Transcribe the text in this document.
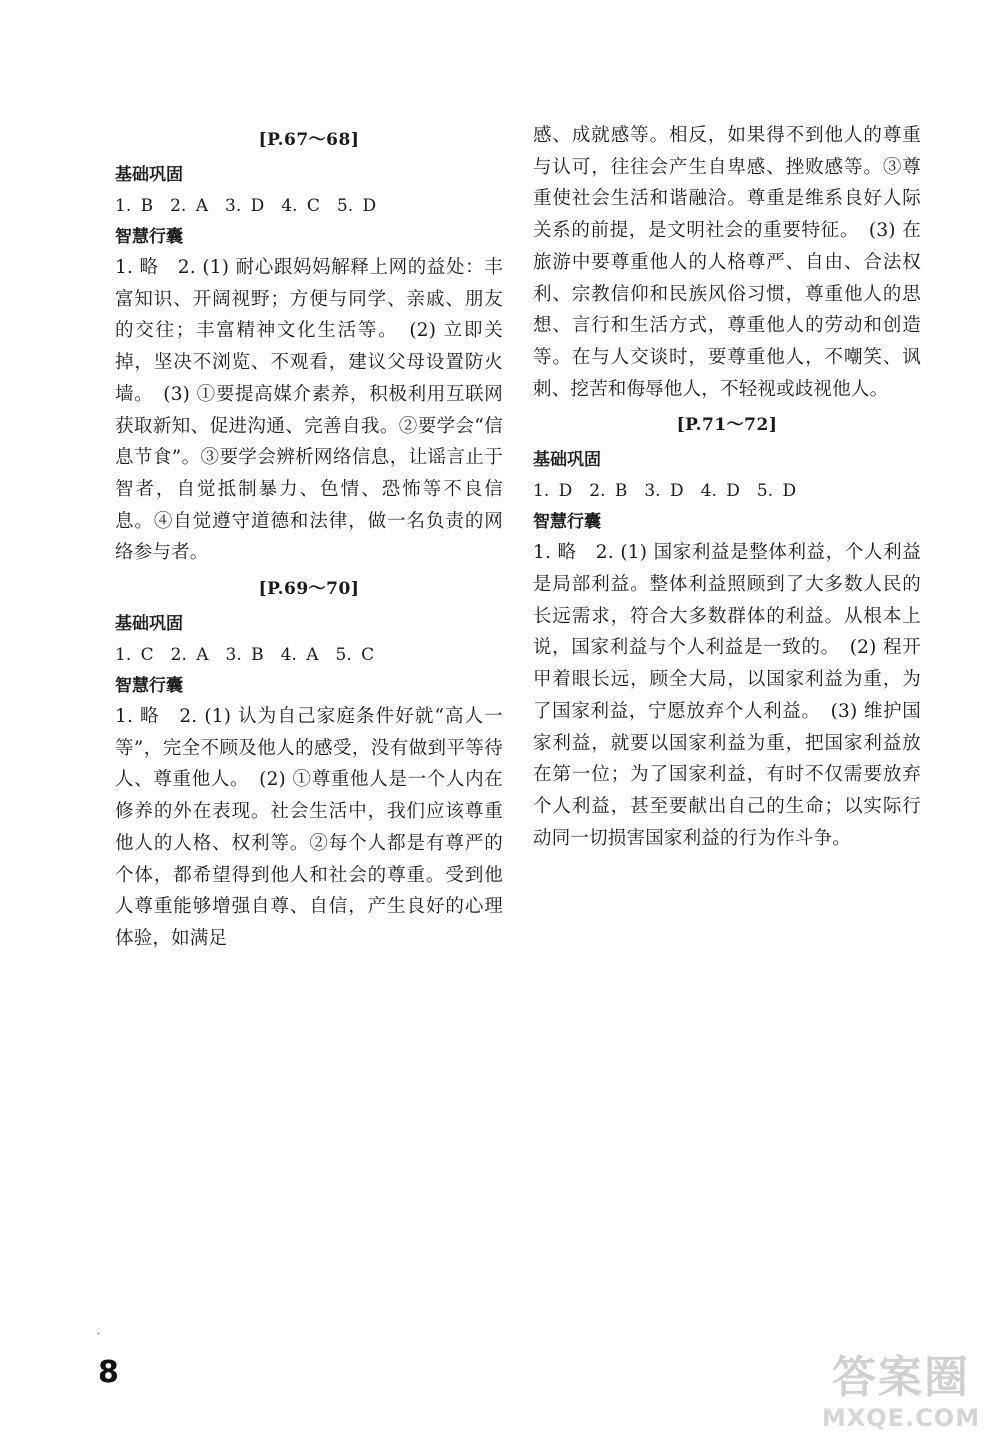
[P.67～68]
基础巩固
1. B　2. A　3. D　4. C　5. D
智慧行囊

1. 略　2. (1) 耐心跟妈妈解释上网的益处：丰富知识、开阔视野；方便与同学、亲戚、朋友的交往；丰富精神文化生活等。　(2) 立即关掉，坚决不浏览、不观看，建议父母设置防火墙。　(3) ①要提高媒介素养，积极利用互联网获取新知、促进沟通、完善自我。②要学会“信息节食”。③要学会辨析网络信息，让谣言止于智者，自觉抵制暴力、色情、恐怖等不良信息。④自觉遵守道德和法律，做一名负责的网络参与者。

[P.69～70]
基础巩固
1. C　2. A　3. B　4. A　5. C
智慧行囊

1. 略　2. (1) 认为自己家庭条件好就“高人一等”，完全不顾及他人的感受，没有做到平等待人、尊重他人。　(2) ①尊重他人是一个人内在修养的外在表现。社会生活中，我们应该尊重他人的人格、权利等。②每个人都是有尊严的个体，都希望得到他人和社会的尊重。受到他人尊重能够增强自尊、自信，产生良好的心理体验，如满足

感、成就感等。相反，如果得不到他人的尊重与认可，往往会产生自卑感、挫败感等。③尊重使社会生活和谐融洽。尊重是维系良好人际关系的前提，是文明社会的重要特征。　(3) 在旅游中要尊重他人的人格尊严、自由、合法权利、宗教信仰和民族风俗习惯，尊重他人的思想、言行和生活方式，尊重他人的劳动和创造等。在与人交谈时，要尊重他人，不嘲笑、讽刺、挖苦和侮辱他人，不轻视或歧视他人。

[P.71～72]
基础巩固
1. D　2. B　3. D　4. D　5. D
智慧行囊

1. 略　2. (1) 国家利益是整体利益，个人利益是局部利益。整体利益照顾到了大多数人民的长远需求，符合大多数群体的利益。从根本上说，国家利益与个人利益是一致的。　(2) 程开甲着眼长远，顾全大局，以国家利益为重，为了国家利益，宁愿放弃个人利益。　(3) 维护国家利益，就要以国家利益为重，把国家利益放在第一位；为了国家利益，有时不仅需要放弃个人利益，甚至要献出自己的生命；以实际行动同一切损害国家利益的行为作斗争。

ˇ
8	答案圈
MXQE.COM
